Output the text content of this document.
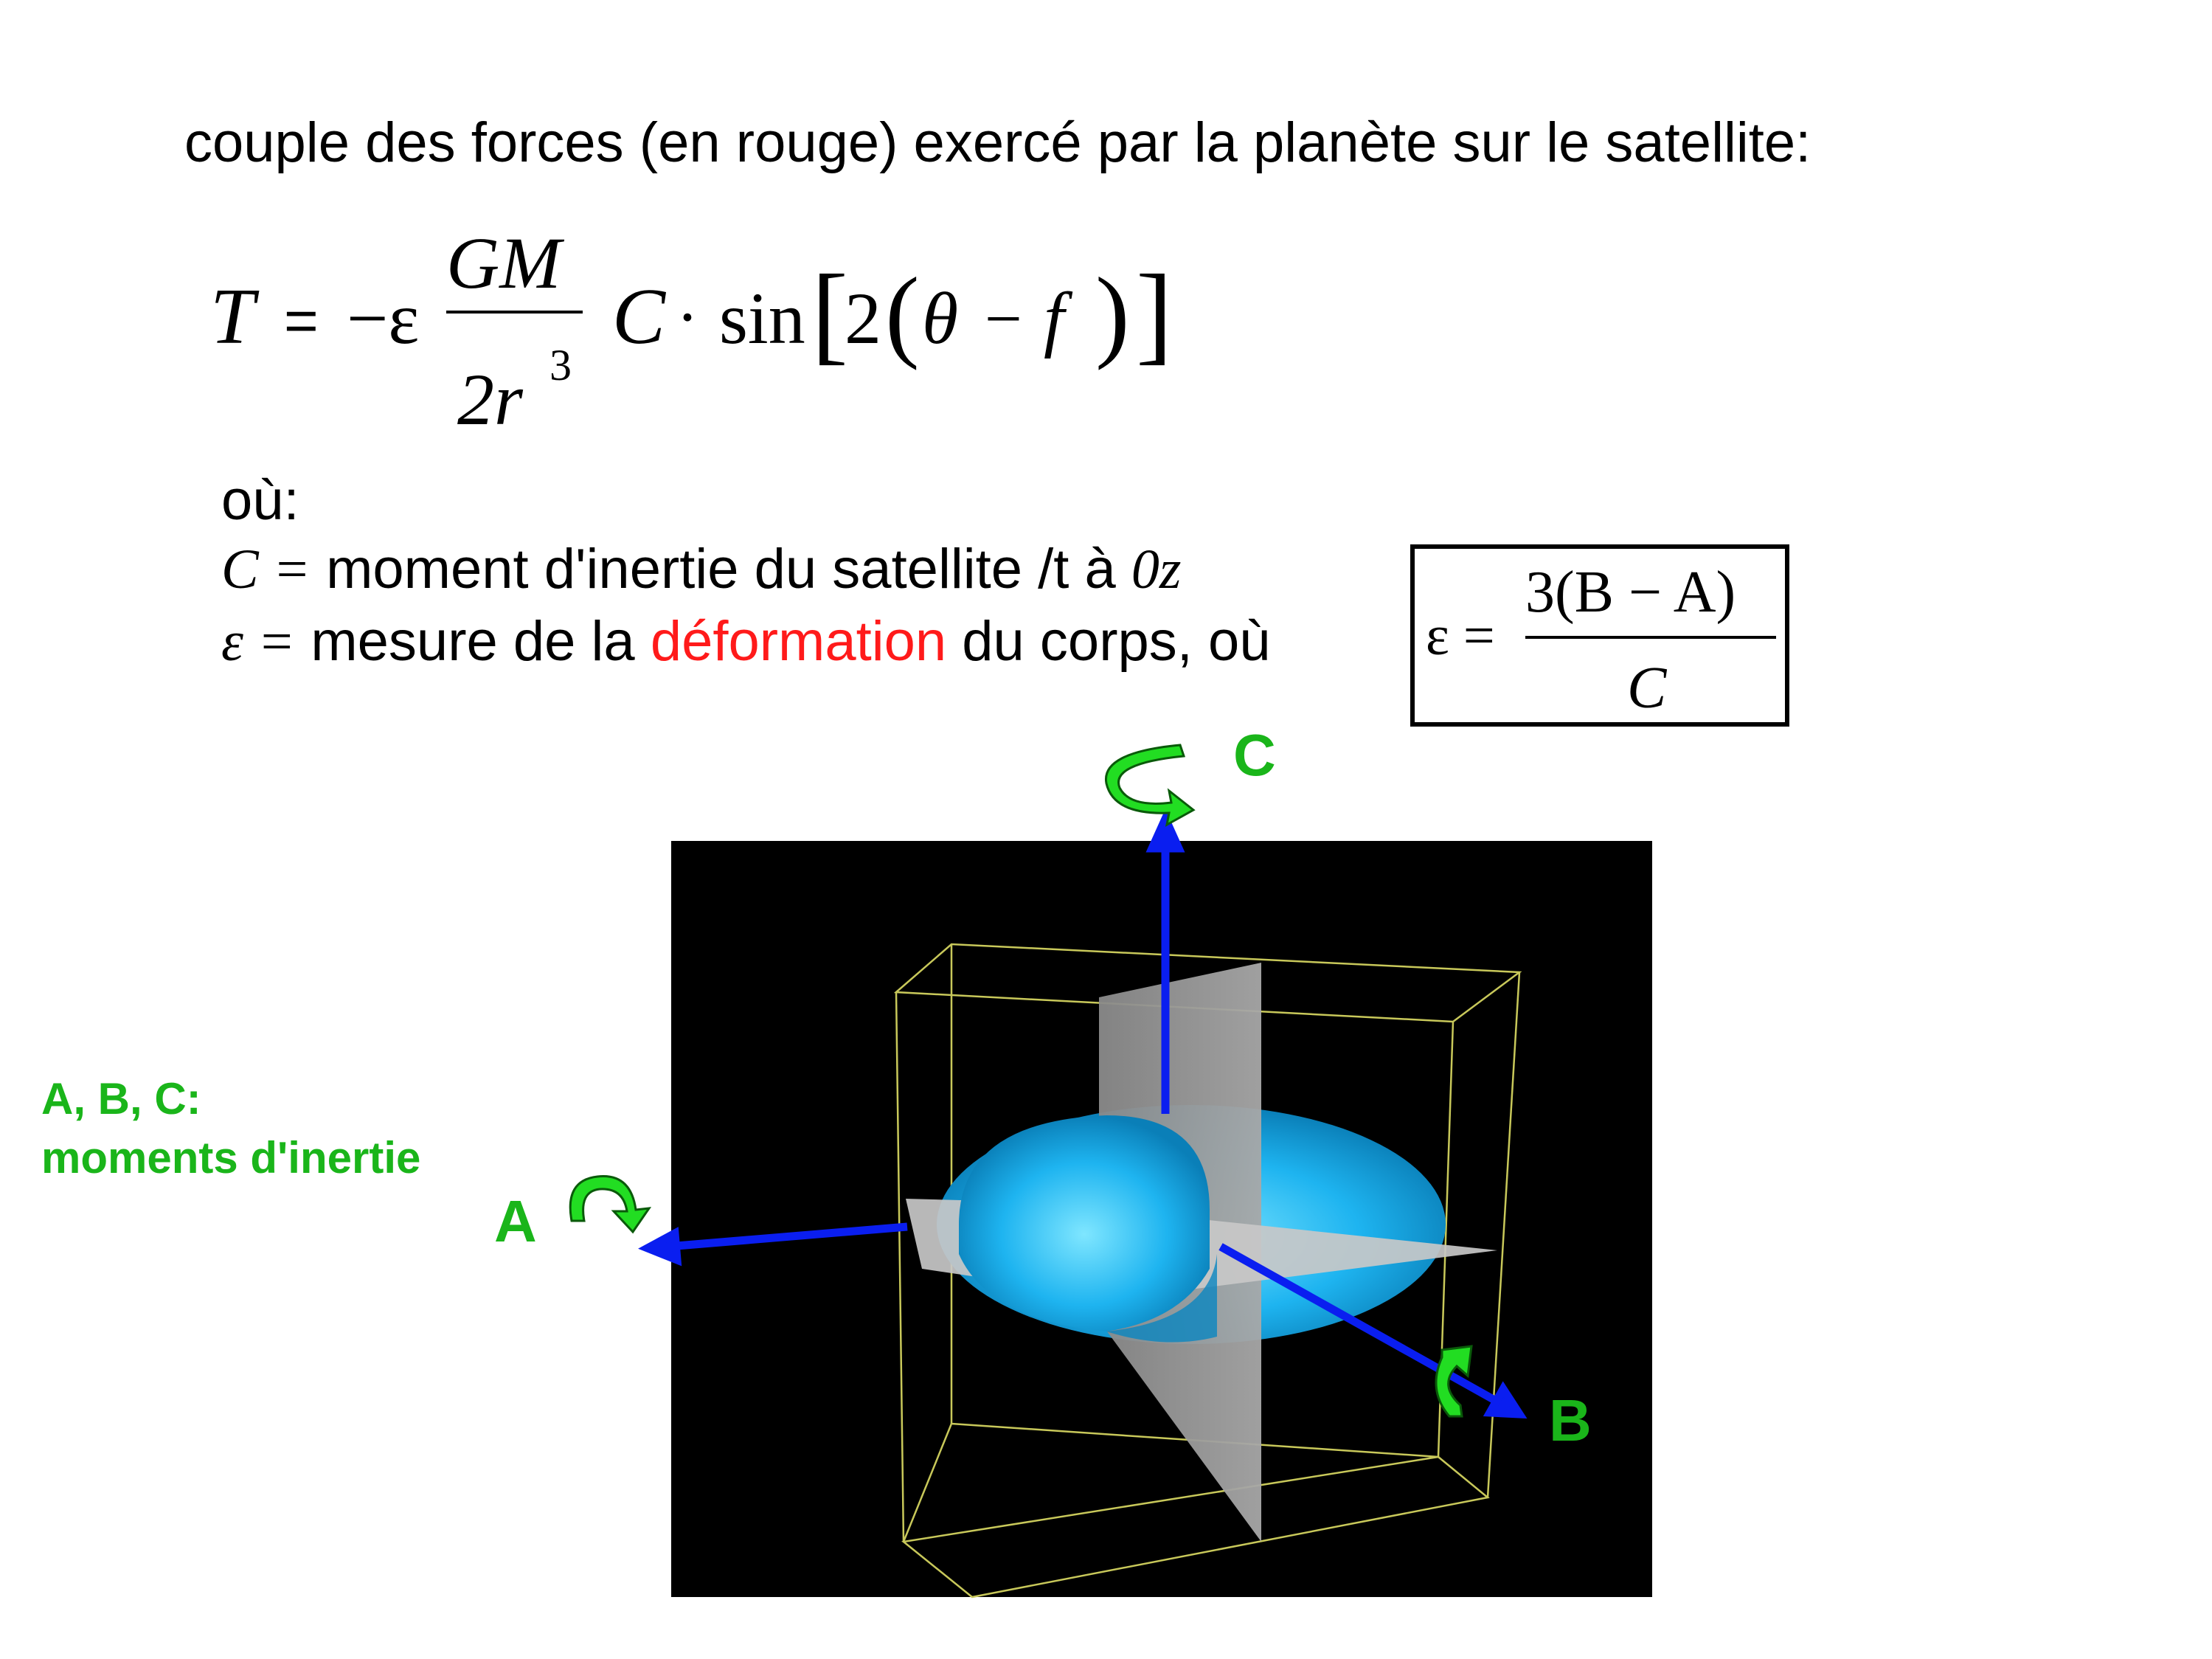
couple des forces (en rouge) exercé par la planète sur le satellite:
T = −ε
GM
2r 3
C · sin [
2 ( θ − f ) ]
où:
C = moment d'inertie du satellite /t à 0z
ε = mesure de la déformation du corps, où	ε =
3(B − A)
C
C
A
B
A, B, C:
moments d'inertie
